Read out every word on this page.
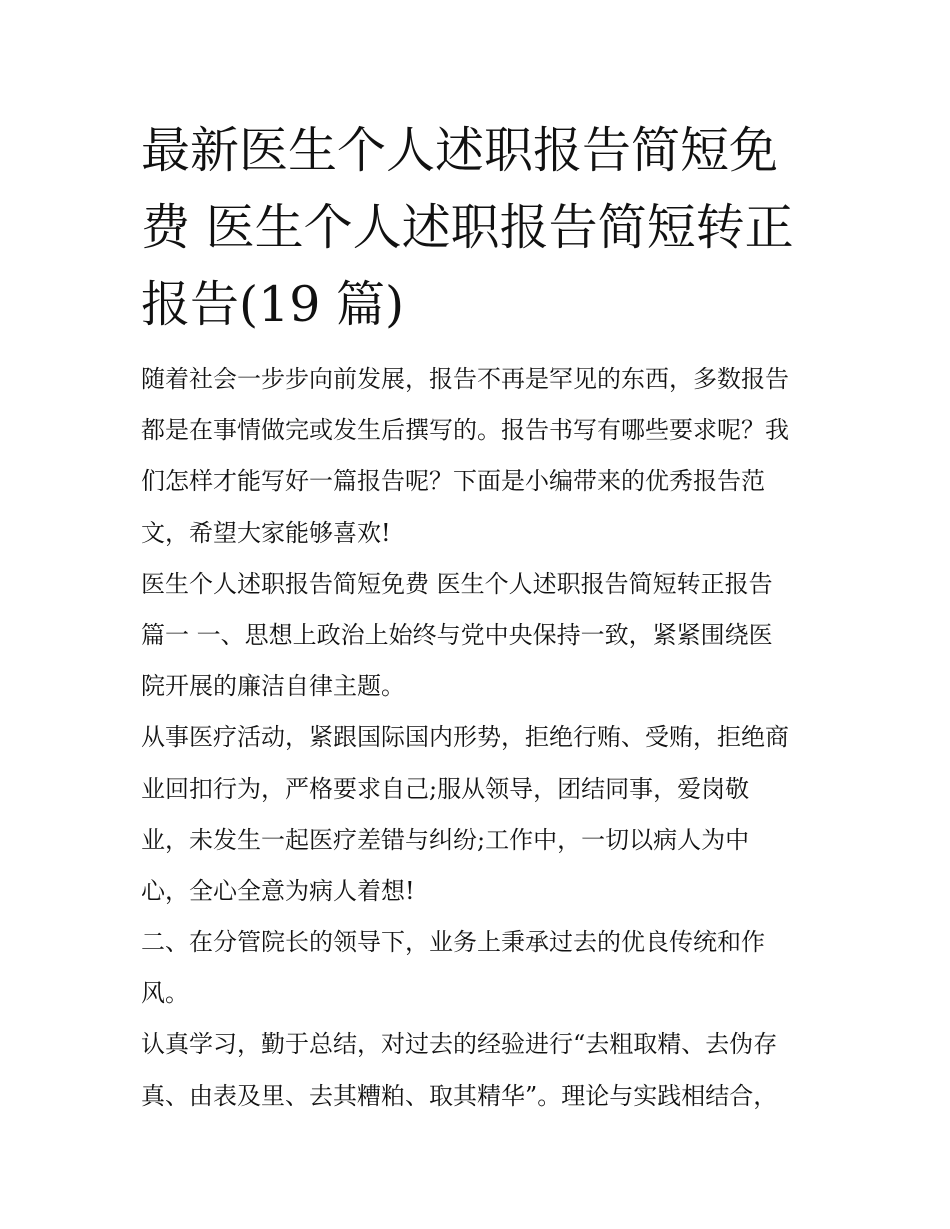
最新医生个人述职报告简短免
费 医生个人述职报告简短转正
报告(19 篇)

随着社会一步步向前发展，报告不再是罕见的东西，多数报告

都是在事情做完或发生后撰写的。报告书写有哪些要求呢？我

们怎样才能写好一篇报告呢？下面是小编带来的优秀报告范

文，希望大家能够喜欢!

医生个人述职报告简短免费 医生个人述职报告简短转正报告

篇一 一、思想上政治上始终与党中央保持一致，紧紧围绕医

院开展的廉洁自律主题。

从事医疗活动，紧跟国际国内形势，拒绝行贿、受贿，拒绝商

业回扣行为，严格要求自己;服从领导，团结同事，爱岗敬

业，未发生一起医疗差错与纠纷;工作中，一切以病人为中

心，全心全意为病人着想!

二、在分管院长的领导下，业务上秉承过去的优良传统和作

风。

认真学习，勤于总结，对过去的经验进行“去粗取精、去伪存

真、由表及里、去其糟粕、取其精华”。理论与实践相结合，
